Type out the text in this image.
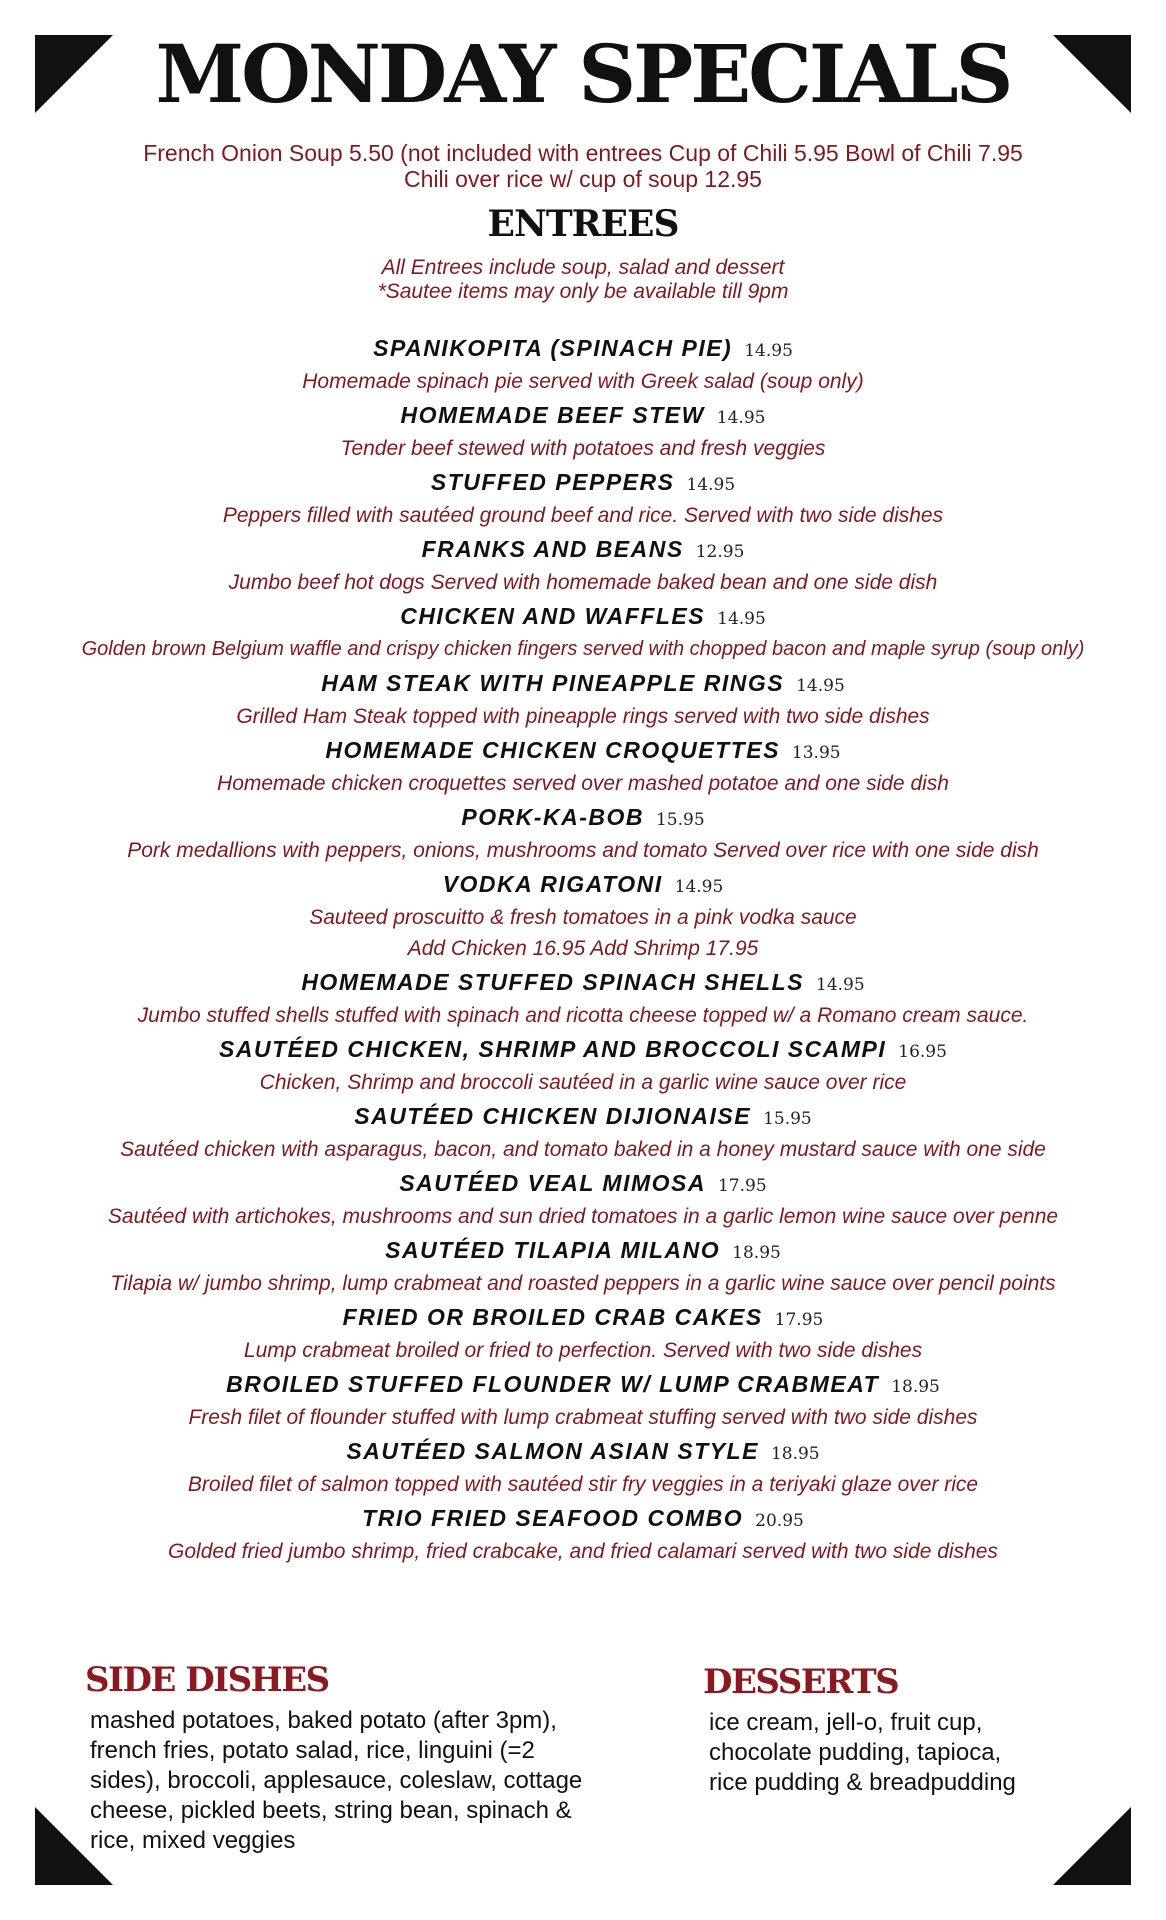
MONDAY SPECIALS
French Onion Soup 5.50 (not included with entrees Cup of Chili 5.95 Bowl of Chili 7.95
Chili over rice w/ cup of soup 12.95
ENTREES
All Entrees include soup, salad and dessert
*Sautee items may only be available till 9pm
SPANIKOPITA (SPINACH PIE) 14.95
Homemade spinach pie served with Greek salad (soup only)
HOMEMADE BEEF STEW 14.95
Tender beef stewed with potatoes and fresh veggies
STUFFED PEPPERS 14.95
Peppers filled with sautéed ground beef and rice. Served with two side dishes
FRANKS AND BEANS 12.95
Jumbo beef hot dogs Served with homemade baked bean and one side dish
CHICKEN AND WAFFLES 14.95
Golden brown Belgium waffle and crispy chicken fingers served with chopped bacon and maple syrup (soup only)
HAM STEAK WITH PINEAPPLE RINGS 14.95
Grilled Ham Steak topped with pineapple rings served with two side dishes
HOMEMADE CHICKEN CROQUETTES 13.95
Homemade chicken croquettes served over mashed potatoe and one side dish
PORK-KA-BOB 15.95
Pork medallions with peppers, onions, mushrooms and tomato Served over rice with one side dish
VODKA RIGATONI 14.95
Sauteed proscuitto & fresh tomatoes in a pink vodka sauce
Add Chicken 16.95 Add Shrimp 17.95
HOMEMADE STUFFED SPINACH SHELLS 14.95
Jumbo stuffed shells stuffed with spinach and ricotta cheese topped w/ a Romano cream sauce.
SAUTÉED CHICKEN, SHRIMP AND BROCCOLI SCAMPI 16.95
Chicken, Shrimp and broccoli sautéed in a garlic wine sauce over rice
SAUTÉED CHICKEN DIJIONAISE 15.95
Sautéed chicken with asparagus, bacon, and tomato baked in a honey mustard sauce with one side
SAUTÉED VEAL MIMOSA 17.95
Sautéed with artichokes, mushrooms and sun dried tomatoes in a garlic lemon wine sauce over penne
SAUTÉED TILAPIA MILANO 18.95
Tilapia w/ jumbo shrimp, lump crabmeat and roasted peppers in a garlic wine sauce over pencil points
FRIED OR BROILED CRAB CAKES 17.95
Lump crabmeat broiled or fried to perfection. Served with two side dishes
BROILED STUFFED FLOUNDER W/ LUMP CRABMEAT 18.95
Fresh filet of flounder stuffed with lump crabmeat stuffing served with two side dishes
SAUTÉED SALMON ASIAN STYLE 18.95
Broiled filet of salmon topped with sautéed stir fry veggies in a teriyaki glaze over rice
TRIO FRIED SEAFOOD COMBO 20.95
Golded fried jumbo shrimp, fried crabcake, and fried calamari served with two side dishes
SIDE DISHES
mashed potatoes, baked potato (after 3pm),
french fries, potato salad, rice, linguini (=2
sides), broccoli, applesauce, coleslaw, cottage
cheese, pickled beets, string bean, spinach &
rice, mixed veggies
DESSERTS
ice cream, jell-o, fruit cup,
chocolate pudding, tapioca,
rice pudding & breadpudding
